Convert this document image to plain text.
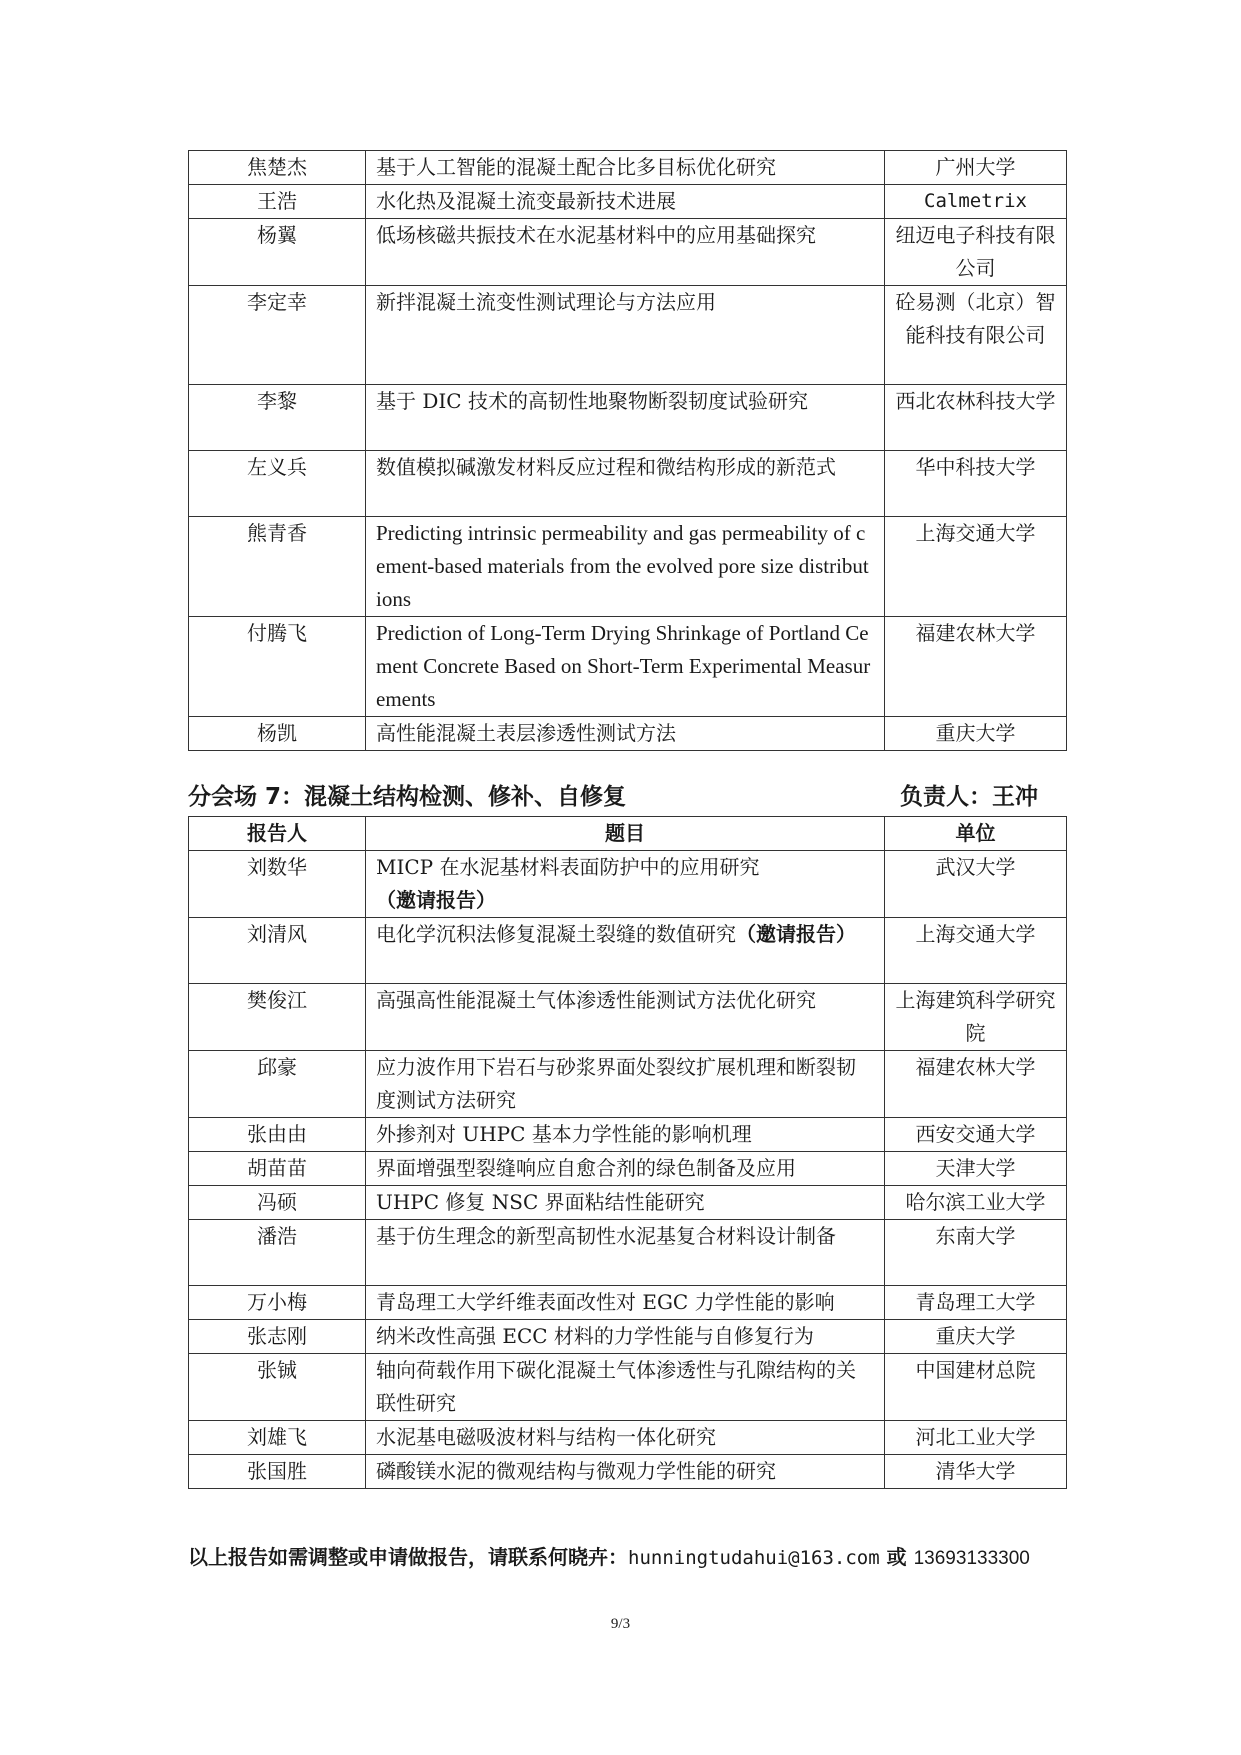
焦楚杰	基于人工智能的混凝土配合比多目标优化研究	广州大学
王浩	水化热及混凝土流变最新技术进展	Calmetrix
杨翼	低场核磁共振技术在水泥基材料中的应用基础探究	纽迈电子科技有限公司
李定幸	新拌混凝土流变性测试理论与方法应用	砼易测（北京）智能科技有限公司
李黎	基于 DIC 技术的高韧性地聚物断裂韧度试验研究	西北农林科技大学
左义兵	数值模拟碱激发材料反应过程和微结构形成的新范式	华中科技大学
熊青香	Predicting intrinsic permeability and gas permeability of cement-based materials from the evolved pore size distributions	上海交通大学
付腾飞	Prediction of Long-Term Drying Shrinkage of Portland Cement Concrete Based on Short-Term Experimental Measurements	福建农林大学
杨凯	高性能混凝土表层渗透性测试方法	重庆大学
分会场 7：混凝土结构检测、修补、自修复	负责人：王冲
报告人	题目	单位
刘数华	MICP 在水泥基材料表面防护中的应用研究（邀请报告）	武汉大学
刘清风	电化学沉积法修复混凝土裂缝的数值研究（邀请报告）	上海交通大学
樊俊江	高强高性能混凝土气体渗透性能测试方法优化研究	上海建筑科学研究院
邱豪	应力波作用下岩石与砂浆界面处裂纹扩展机理和断裂韧度测试方法研究	福建农林大学
张由由	外掺剂对 UHPC 基本力学性能的影响机理	西安交通大学
胡苗苗	界面增强型裂缝响应自愈合剂的绿色制备及应用	天津大学
冯硕	UHPC 修复 NSC 界面粘结性能研究	哈尔滨工业大学
潘浩	基于仿生理念的新型高韧性水泥基复合材料设计制备	东南大学
万小梅	青岛理工大学纤维表面改性对 EGC 力学性能的影响	青岛理工大学
张志刚	纳米改性高强 ECC 材料的力学性能与自修复行为	重庆大学
张铖	轴向荷载作用下碳化混凝土气体渗透性与孔隙结构的关联性研究	中国建材总院
刘雄飞	水泥基电磁吸波材料与结构一体化研究	河北工业大学
张国胜	磷酸镁水泥的微观结构与微观力学性能的研究	清华大学
以上报告如需调整或申请做报告，请联系何晓卉：hunningtudahui@163.com 或 13693133300
9/3
